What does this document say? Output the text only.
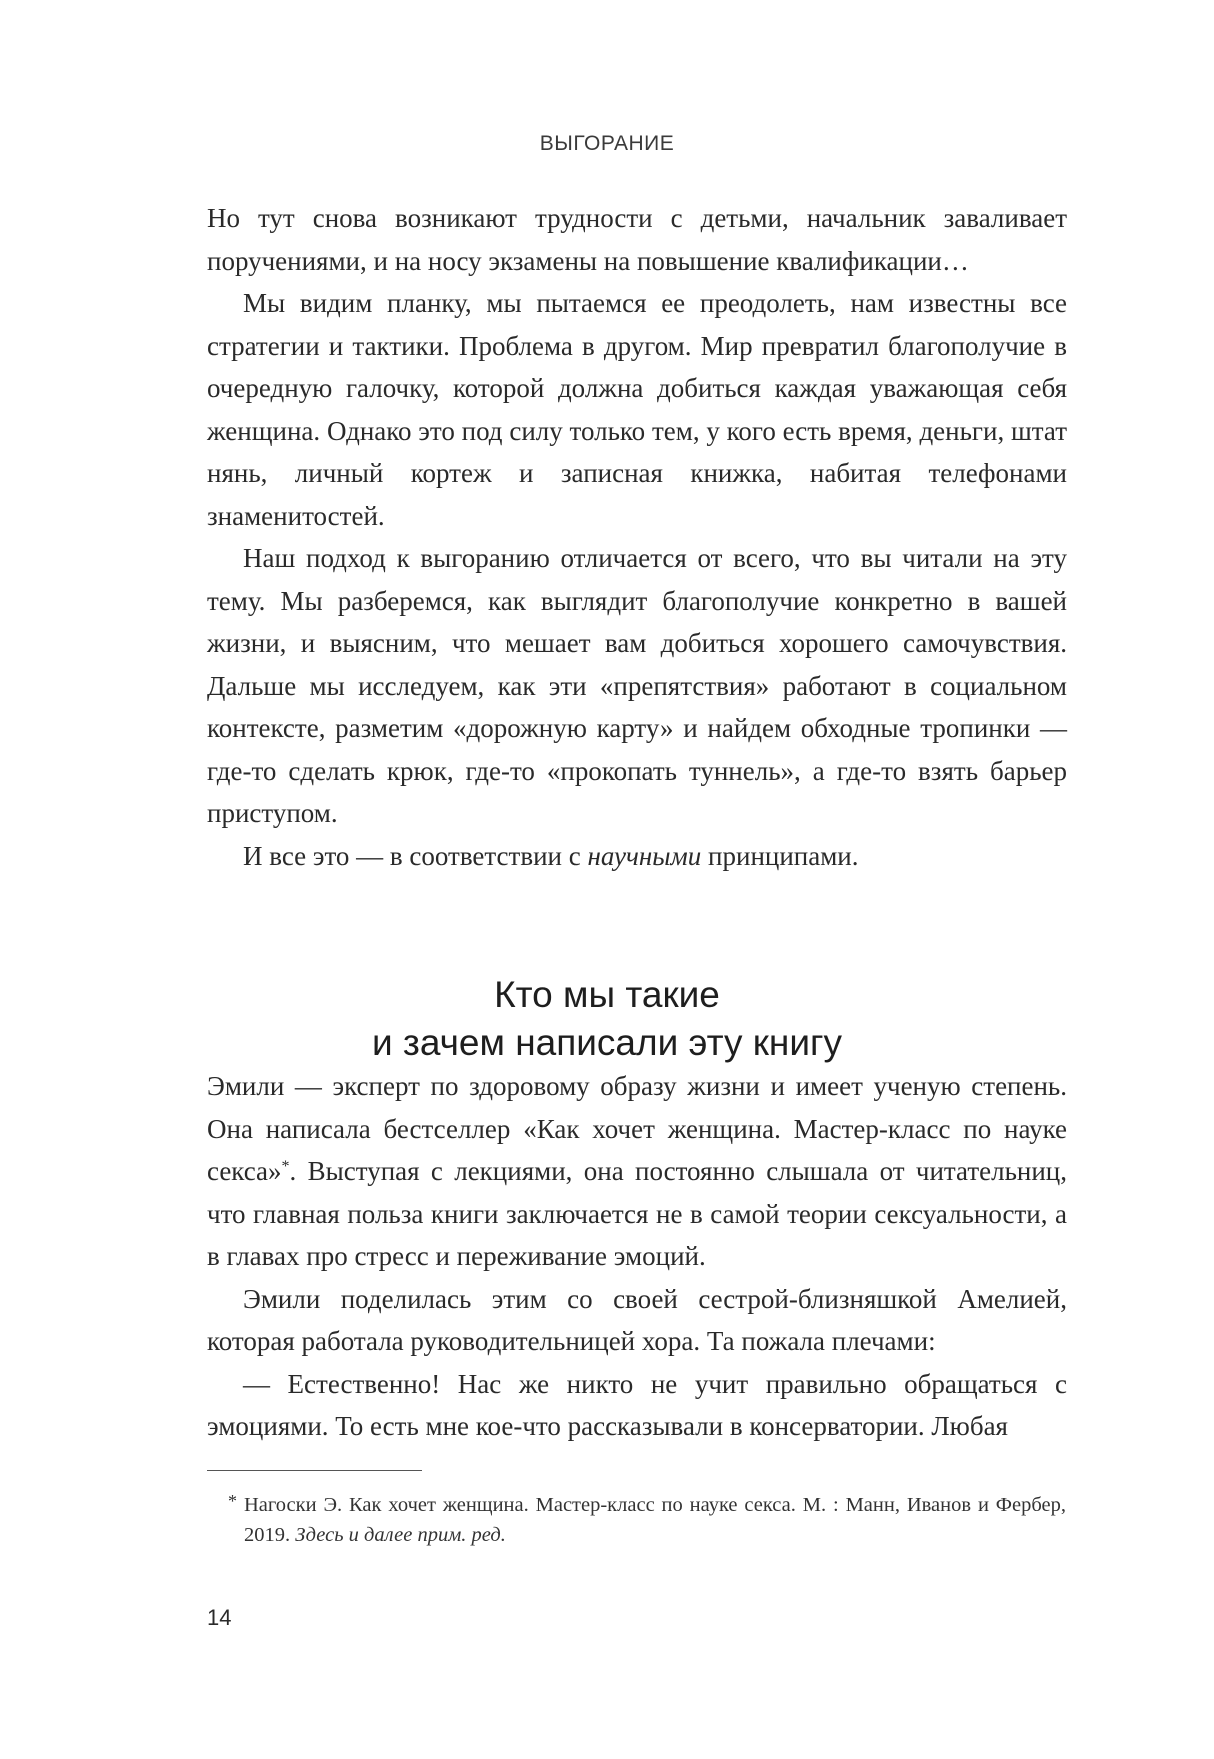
ВЫГОРАНИЕ

Но тут снова возникают трудности с детьми, начальник заваливает поручениями, и на носу экзамены на повышение квалификации…

Мы видим планку, мы пытаемся ее преодолеть, нам известны все стратегии и тактики. Проблема в другом. Мир превратил благополучие в очередную галочку, которой должна добиться каждая уважающая себя женщина. Однако это под силу только тем, у кого есть время, деньги, штат нянь, личный кортеж и записная книжка, набитая телефонами знаменитостей.

Наш подход к выгоранию отличается от всего, что вы читали на эту тему. Мы разберемся, как выглядит благополучие конкретно в вашей жизни, и выясним, что мешает вам добиться хорошего самочувствия. Дальше мы исследуем, как эти «препятствия» работают в социальном контексте, разметим «дорожную карту» и найдем обходные тропинки — где-то сделать крюк, где-то «прокопать туннель», а где-то взять барьер приступом.

И все это — в соответствии с научными принципами.

Кто мы такие
и зачем написали эту книгу

Эмили — эксперт по здоровому образу жизни и имеет ученую степень. Она написала бестселлер «Как хочет женщина. Мастер-класс по науке секса»*. Выступая с лекциями, она постоянно слышала от читательниц, что главная польза книги заключается не в самой теории сексуальности, а в главах про стресс и переживание эмоций.

Эмили поделилась этим со своей сестрой-близняшкой Амелией, которая работала руководительницей хора. Та пожала плечами:

— Естественно! Нас же никто не учит правильно обращаться с эмоциями. То есть мне кое-что рассказывали в консерватории. Любая

* Нагоски Э. Как хочет женщина. Мастер-класс по науке секса. М. : Манн, Иванов и Фербер, 2019. Здесь и далее прим. ред.
14
